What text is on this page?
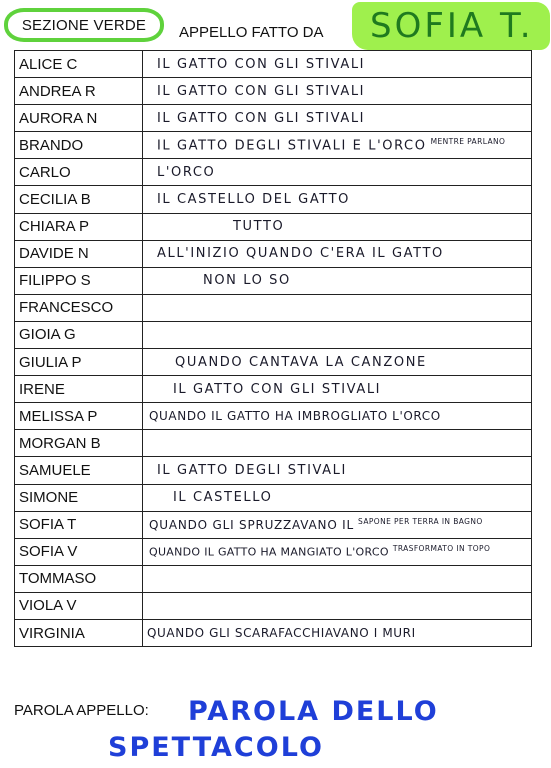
SEZIONE VERDE APPELLO FATTO DA SOFIA T.
ALICE C	IL GATTO CON GLI STIVALI
ANDREA R	IL GATTO CON GLI STIVALI
AURORA N	IL GATTO CON GLI STIVALI
BRANDO	IL GATTO DEGLI STIVALI E L'ORCO $^{MENTRE PARLANO}$
CARLO	L'ORCO
CECILIA B	IL CASTELLO DEL GATTO
CHIARA P	TUTTO
DAVIDE N	ALL'INIZIO QUANDO C'ERA IL GATTO
FILIPPO S	NON LO SO
FRANCESCO	
GIOIA G	
GIULIA P	QUANDO CANTAVA LA CANZONE
IRENE	IL GATTO CON GLI STIVALI
MELISSA P	QUANDO IL GATTO HA IMBROGLIATO L'ORCO
MORGAN B	
SAMUELE	IL GATTO DEGLI STIVALI
SIMONE	IL CASTELLO
SOFIA T	QUANDO GLI SPRUZZAVANO IL $^{SAPONE PER TERRA IN BAGNO}$
SOFIA V	QUANDO IL GATTO HA MANGIATO L'ORCO $^{TRASFORMATO IN TOPO}$
TOMMASO	
VIOLA V	
VIRGINIA	QUANDO GLI SCARAFACCHIAVANO I MURI
PAROLA APPELLO:	PAROLA DELLO
SPETTACOLO
